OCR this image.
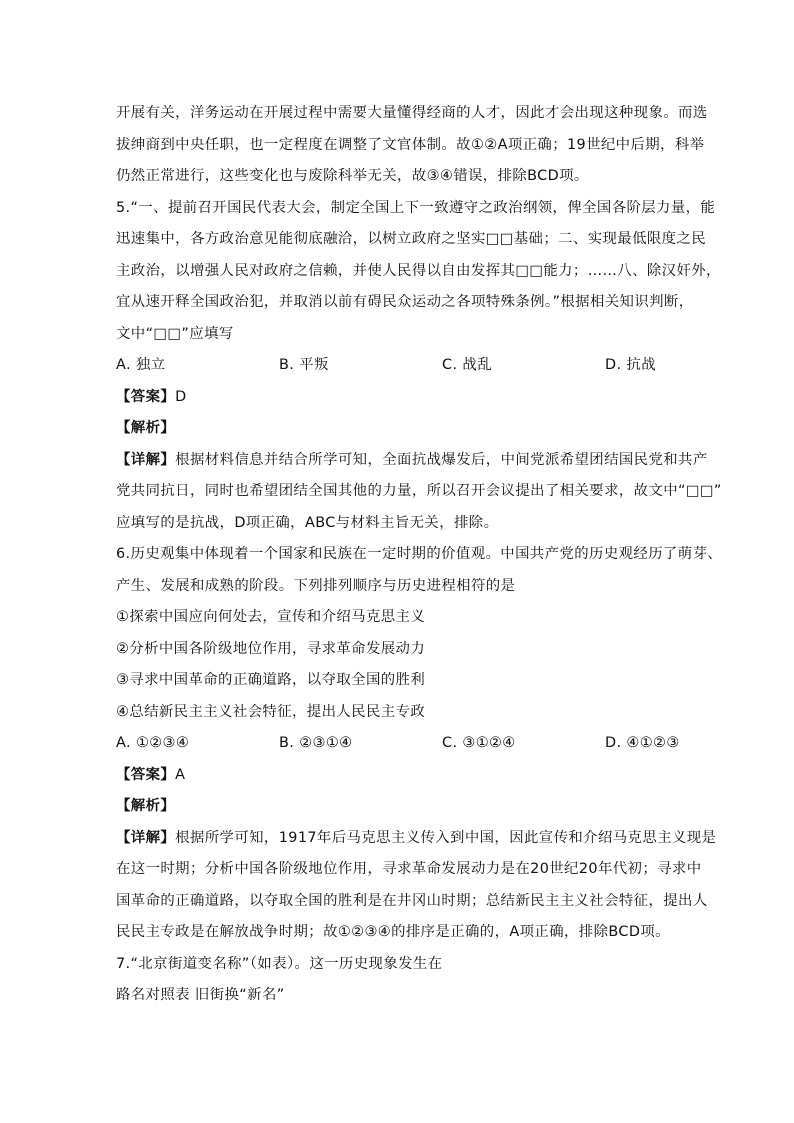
开展有关，洋务运动在开展过程中需要大量懂得经商的人才，因此才会出现这种现象。而选
拔绅商到中央任职，也一定程度在调整了文官体制。故①②A项正确；19世纪中后期，科举
仍然正常进行，这些变化也与废除科举无关，故③④错误，排除BCD项。
5.“一、提前召开国民代表大会，制定全国上下一致遵守之政治纲领，俾全国各阶层力量，能
迅速集中，各方政治意见能彻底融洽，以树立政府之坚实□□基础；二、实现最低限度之民
主政治，以增强人民对政府之信赖，并使人民得以自由发挥其□□能力；……八、除汉奸外，
宜从速开释全国政治犯，并取消以前有碍民众运动之各项特殊条例。”根据相关知识判断，
文中“□□”应填写
A. 独立	B. 平叛	C. 战乱	D. 抗战
【答案】D
【解析】
【详解】根据材料信息并结合所学可知，全面抗战爆发后，中间党派希望团结国民党和共产
党共同抗日，同时也希望团结全国其他的力量，所以召开会议提出了相关要求，故文中“□□”
应填写的是抗战，D项正确，ABC与材料主旨无关，排除。
6.历史观集中体现着一个国家和民族在一定时期的价值观。中国共产党的历史观经历了萌芽、
产生、发展和成熟的阶段。下列排列顺序与历史进程相符的是
①探索中国应向何处去，宣传和介绍马克思主义
②分析中国各阶级地位作用，寻求革命发展动力
③寻求中国革命的正确道路，以夺取全国的胜利
④总结新民主主义社会特征，提出人民民主专政
A. ①②③④	B. ②③①④	C. ③①②④	D. ④①②③
【答案】A
【解析】
【详解】根据所学可知，1917年后马克思主义传入到中国，因此宣传和介绍马克思主义现是
在这一时期；分析中国各阶级地位作用，寻求革命发展动力是在20世纪20年代初；寻求中
国革命的正确道路，以夺取全国的胜利是在井冈山时期；总结新民主主义社会特征，提出人
民民主专政是在解放战争时期；故①②③④的排序是正确的，A项正确，排除BCD项。
7.“北京街道变名称”（如表）。这一历史现象发生在
路名对照表 旧街换“新名”
